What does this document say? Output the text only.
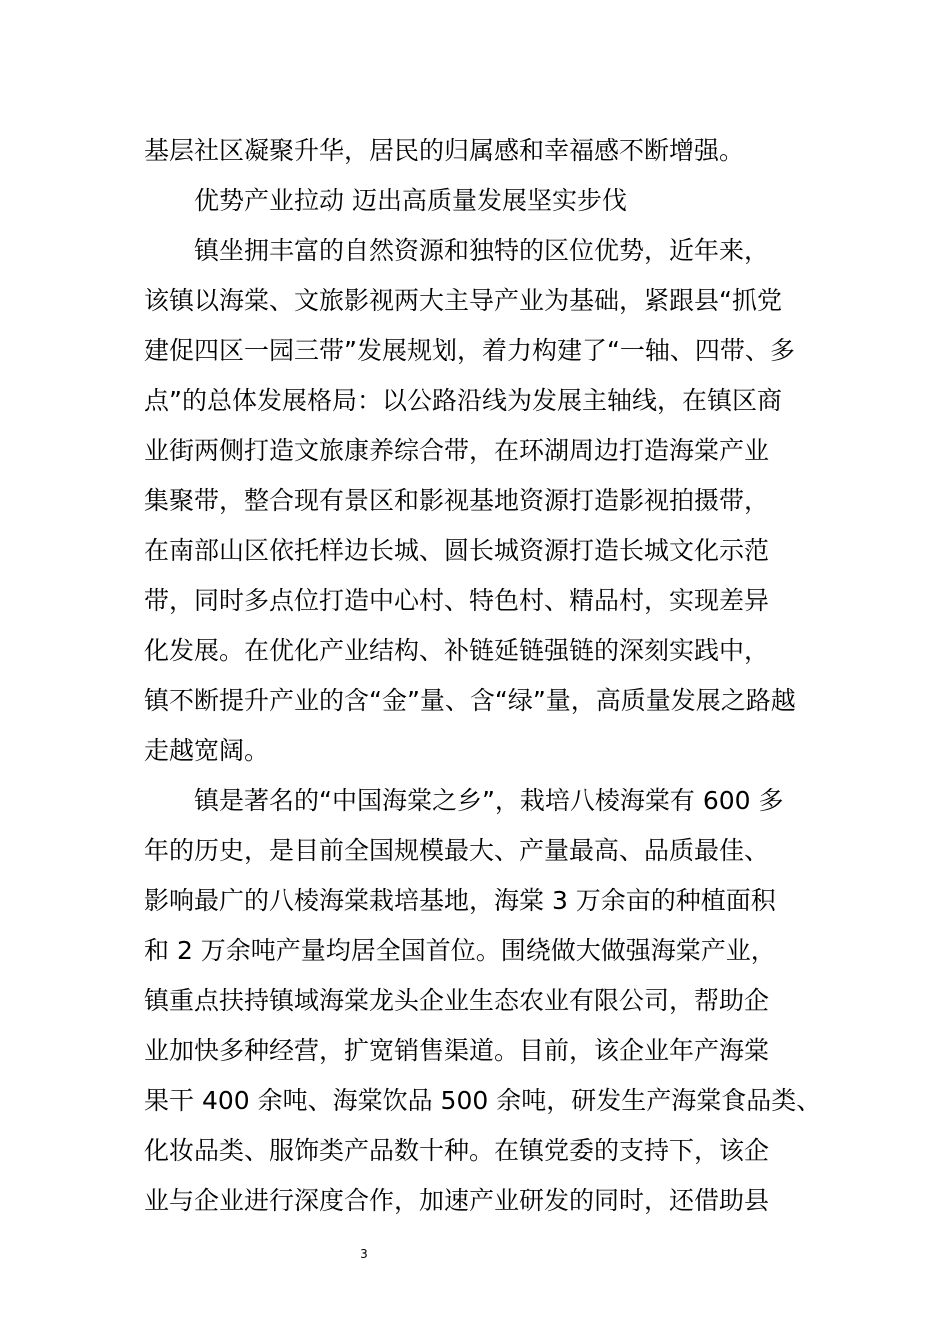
基层社区凝聚升华，居民的归属感和幸福感不断增强。
优势产业拉动 迈出高质量发展坚实步伐
镇坐拥丰富的自然资源和独特的区位优势，近年来，
该镇以海棠、文旅影视两大主导产业为基础，紧跟县“抓党
建促四区一园三带”发展规划，着力构建了“一轴、四带、多
点”的总体发展格局：以公路沿线为发展主轴线，在镇区商
业街两侧打造文旅康养综合带，在环湖周边打造海棠产业
集聚带，整合现有景区和影视基地资源打造影视拍摄带，
在南部山区依托样边长城、圆长城资源打造长城文化示范
带，同时多点位打造中心村、特色村、精品村，实现差异
化发展。在优化产业结构、补链延链强链的深刻实践中，
镇不断提升产业的含“金”量、含“绿”量，高质量发展之路越
走越宽阔。
镇是著名的“中国海棠之乡”，栽培八棱海棠有 600 多
年的历史，是目前全国规模最大、产量最高、品质最佳、
影响最广的八棱海棠栽培基地，海棠 3 万余亩的种植面积
和 2 万余吨产量均居全国首位。围绕做大做强海棠产业，
镇重点扶持镇域海棠龙头企业生态农业有限公司，帮助企
业加快多种经营，扩宽销售渠道。目前，该企业年产海棠
果干 400 余吨、海棠饮品 500 余吨，研发生产海棠食品类、
化妆品类、服饰类产品数十种。在镇党委的支持下，该企
业与企业进行深度合作，加速产业研发的同时，还借助县
3
